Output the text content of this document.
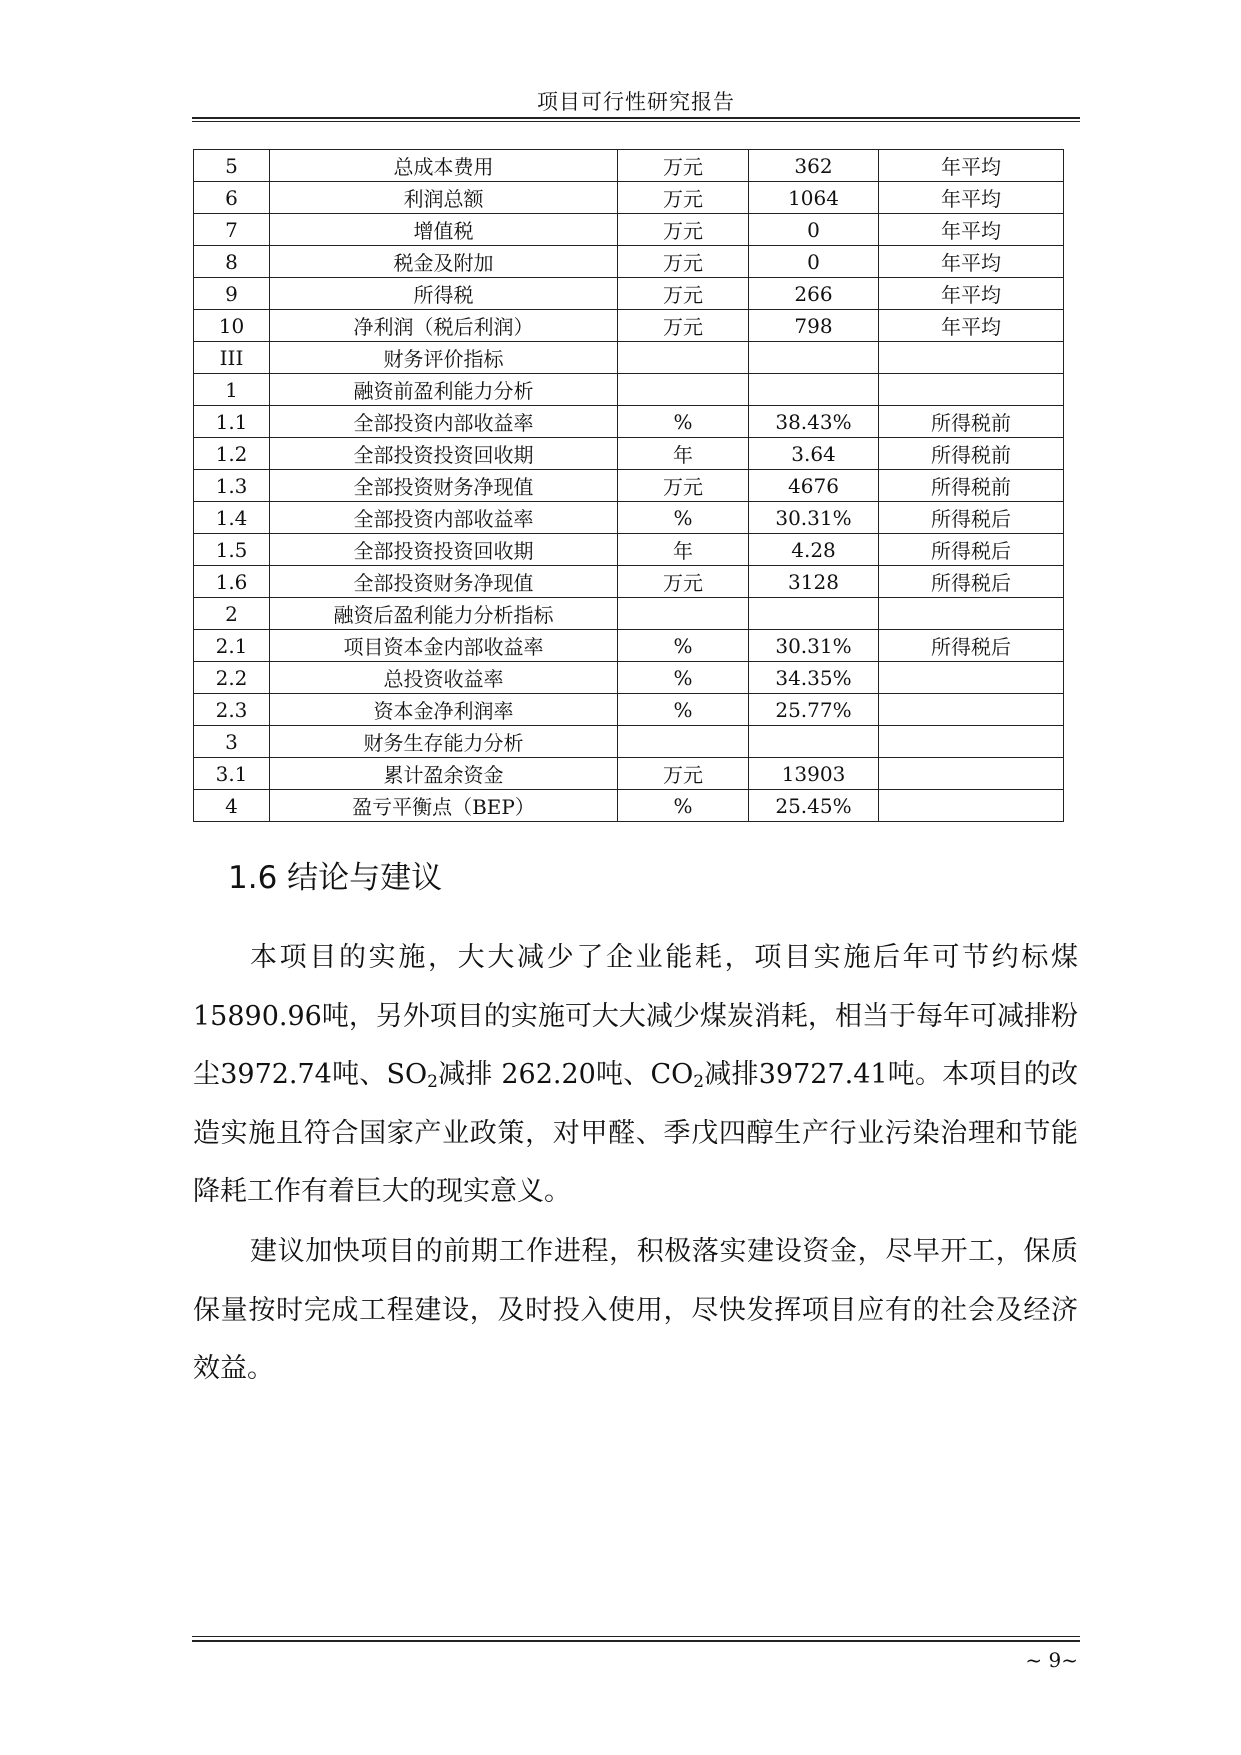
项目可行性研究报告
5	总成本费用	万元	362	年平均
6	利润总额	万元	1064	年平均
7	增值税	万元	0	年平均
8	税金及附加	万元	0	年平均
9	所得税	万元	266	年平均
10	净利润（税后利润）	万元	798	年平均
III	财务评价指标			
1	融资前盈利能力分析			
1.1	全部投资内部收益率	%	38.43%	所得税前
1.2	全部投资投资回收期	年	3.64	所得税前
1.3	全部投资财务净现值	万元	4676	所得税前
1.4	全部投资内部收益率	%	30.31%	所得税后
1.5	全部投资投资回收期	年	4.28	所得税后
1.6	全部投资财务净现值	万元	3128	所得税后
2	融资后盈利能力分析指标			
2.1	项目资本金内部收益率	%	30.31%	所得税后
2.2	总投资收益率	%	34.35%	
2.3	资本金净利润率	%	25.77%	
3	财务生存能力分析			
3.1	累计盈余资金	万元	13903	
4	盈亏平衡点（BEP）	%	25.45%	
1.6 结论与建议

本项目的实施，大大减少了企业能耗，项目实施后年可节约标煤15890.96吨，另外项目的实施可大大减少煤炭消耗，相当于每年可减排粉尘3972.74吨、$SO_2$减排 262.20吨、$CO_2$减排39727.41吨。本项目的改造实施且符合国家产业政策，对甲醛、季戊四醇生产行业污染治理和节能降耗工作有着巨大的现实意义。

建议加快项目的前期工作进程，积极落实建设资金，尽早开工，保质保量按时完成工程建设，及时投入使用，尽快发挥项目应有的社会及经济效益。

~ 9~
